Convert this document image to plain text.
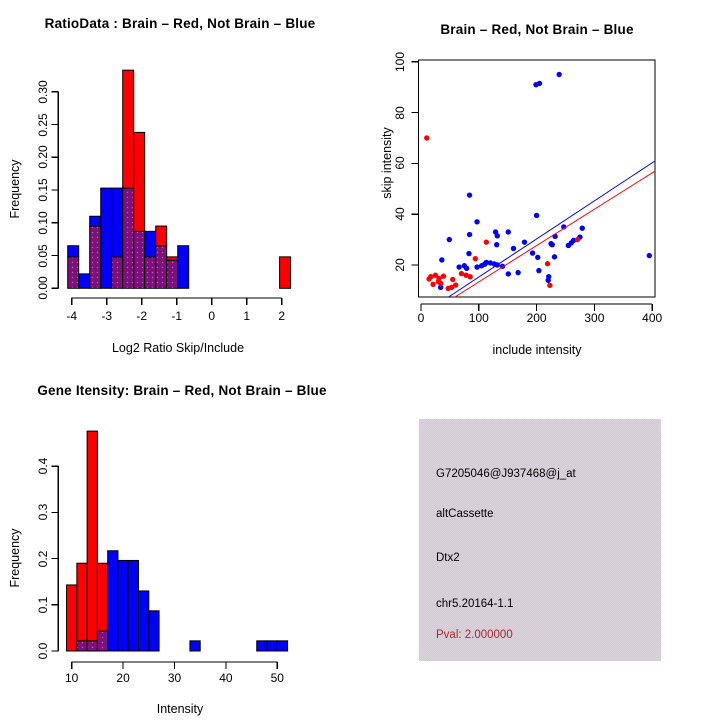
0.00
0.05
0.10
0.15
0.20
0.25
0.30
-4	-3	-2	-1	0	1	2
20
40
60
80
100
0	100	200	300	400
0.0
0.1
0.2
0.3
0.4
10	20	30	40	50
RatioData : Brain – Red, Not Brain – Blue
Frequency
Log2 Ratio Skip/Include
Brain – Red, Not Brain – Blue
skip intensity
include intensity
Gene Itensity: Brain – Red, Not Brain – Blue
Frequency
Intensity
G7205046@J937468@j_at
altCassette
Dtx2
chr5.20164-1.1
Pval: 2.000000
